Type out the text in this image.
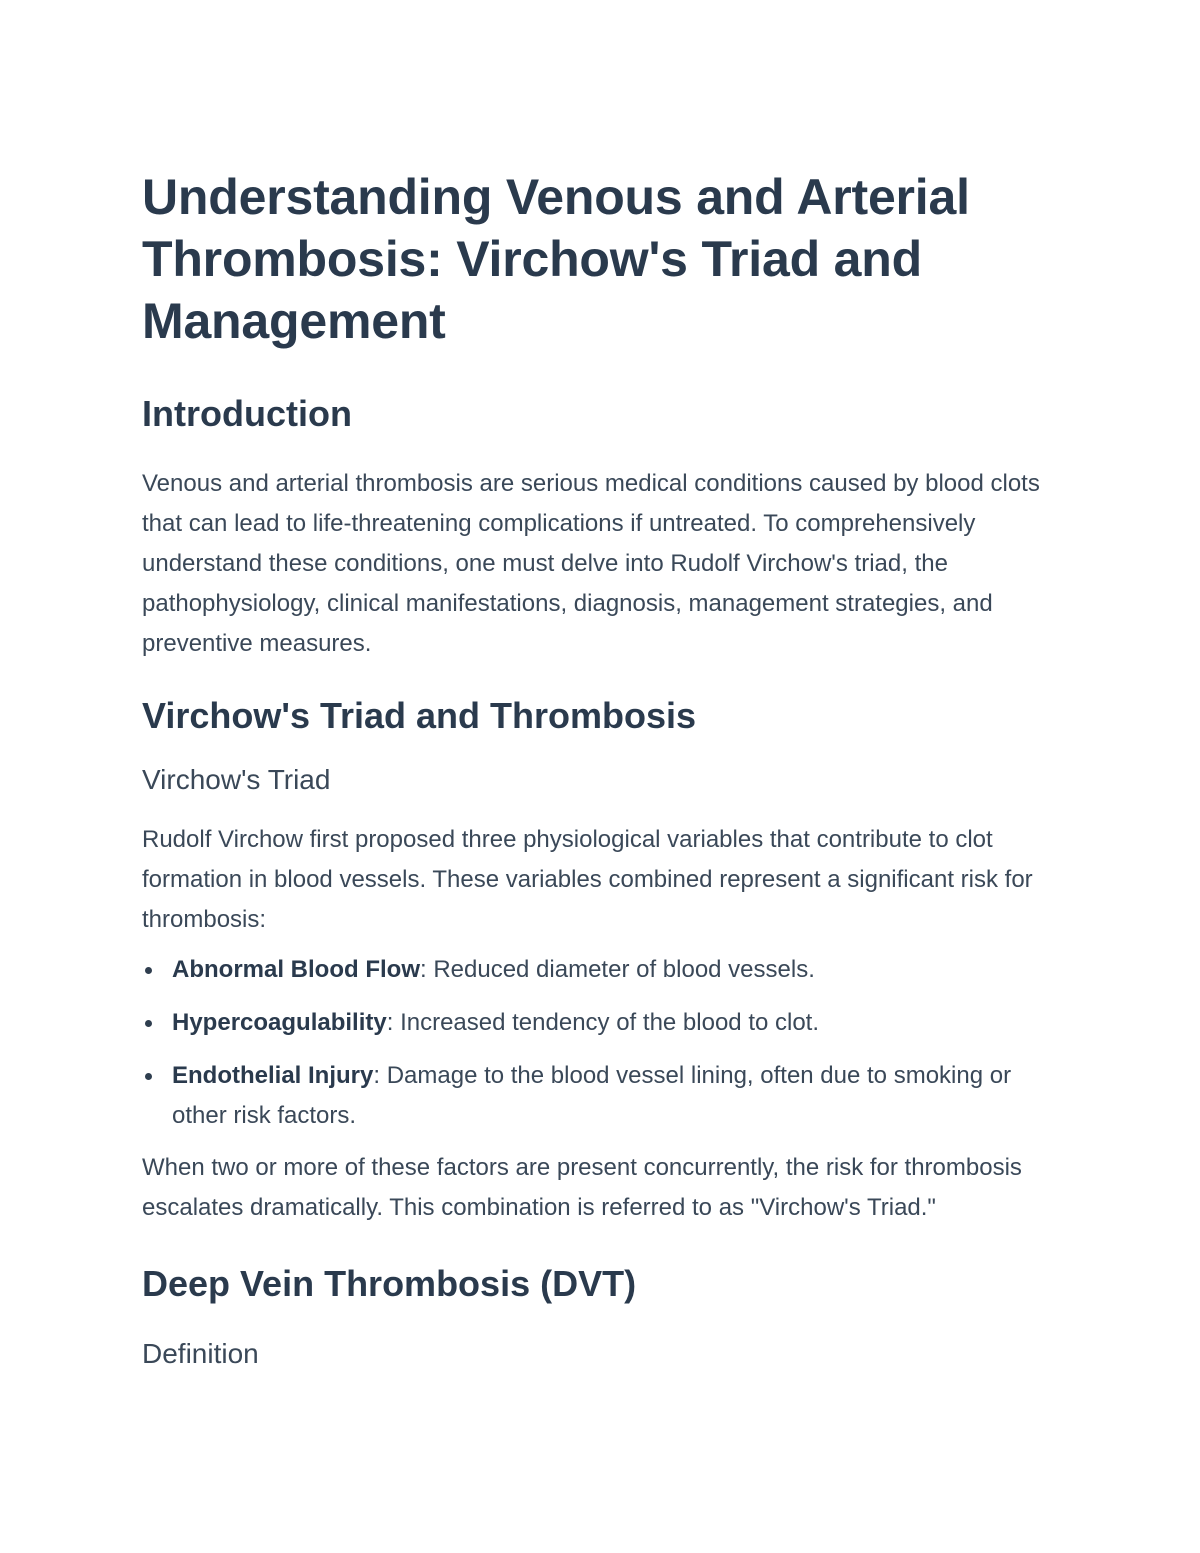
Understanding Venous and Arterial Thrombosis: Virchow's Triad and Management
Introduction

Venous and arterial thrombosis are serious medical conditions caused by blood clots that can lead to life-threatening complications if untreated. To comprehensively understand these conditions, one must delve into Rudolf Virchow's triad, the pathophysiology, clinical manifestations, diagnosis, management strategies, and preventive measures.

Virchow's Triad and Thrombosis
Virchow's Triad

Rudolf Virchow first proposed three physiological variables that contribute to clot formation in blood vessels. These variables combined represent a significant risk for thrombosis:

Abnormal Blood Flow: Reduced diameter of blood vessels.
Hypercoagulability: Increased tendency of the blood to clot.
Endothelial Injury: Damage to the blood vessel lining, often due to smoking or other risk factors.

When two or more of these factors are present concurrently, the risk for thrombosis escalates dramatically. This combination is referred to as "Virchow's Triad."

Deep Vein Thrombosis (DVT)
Definition
